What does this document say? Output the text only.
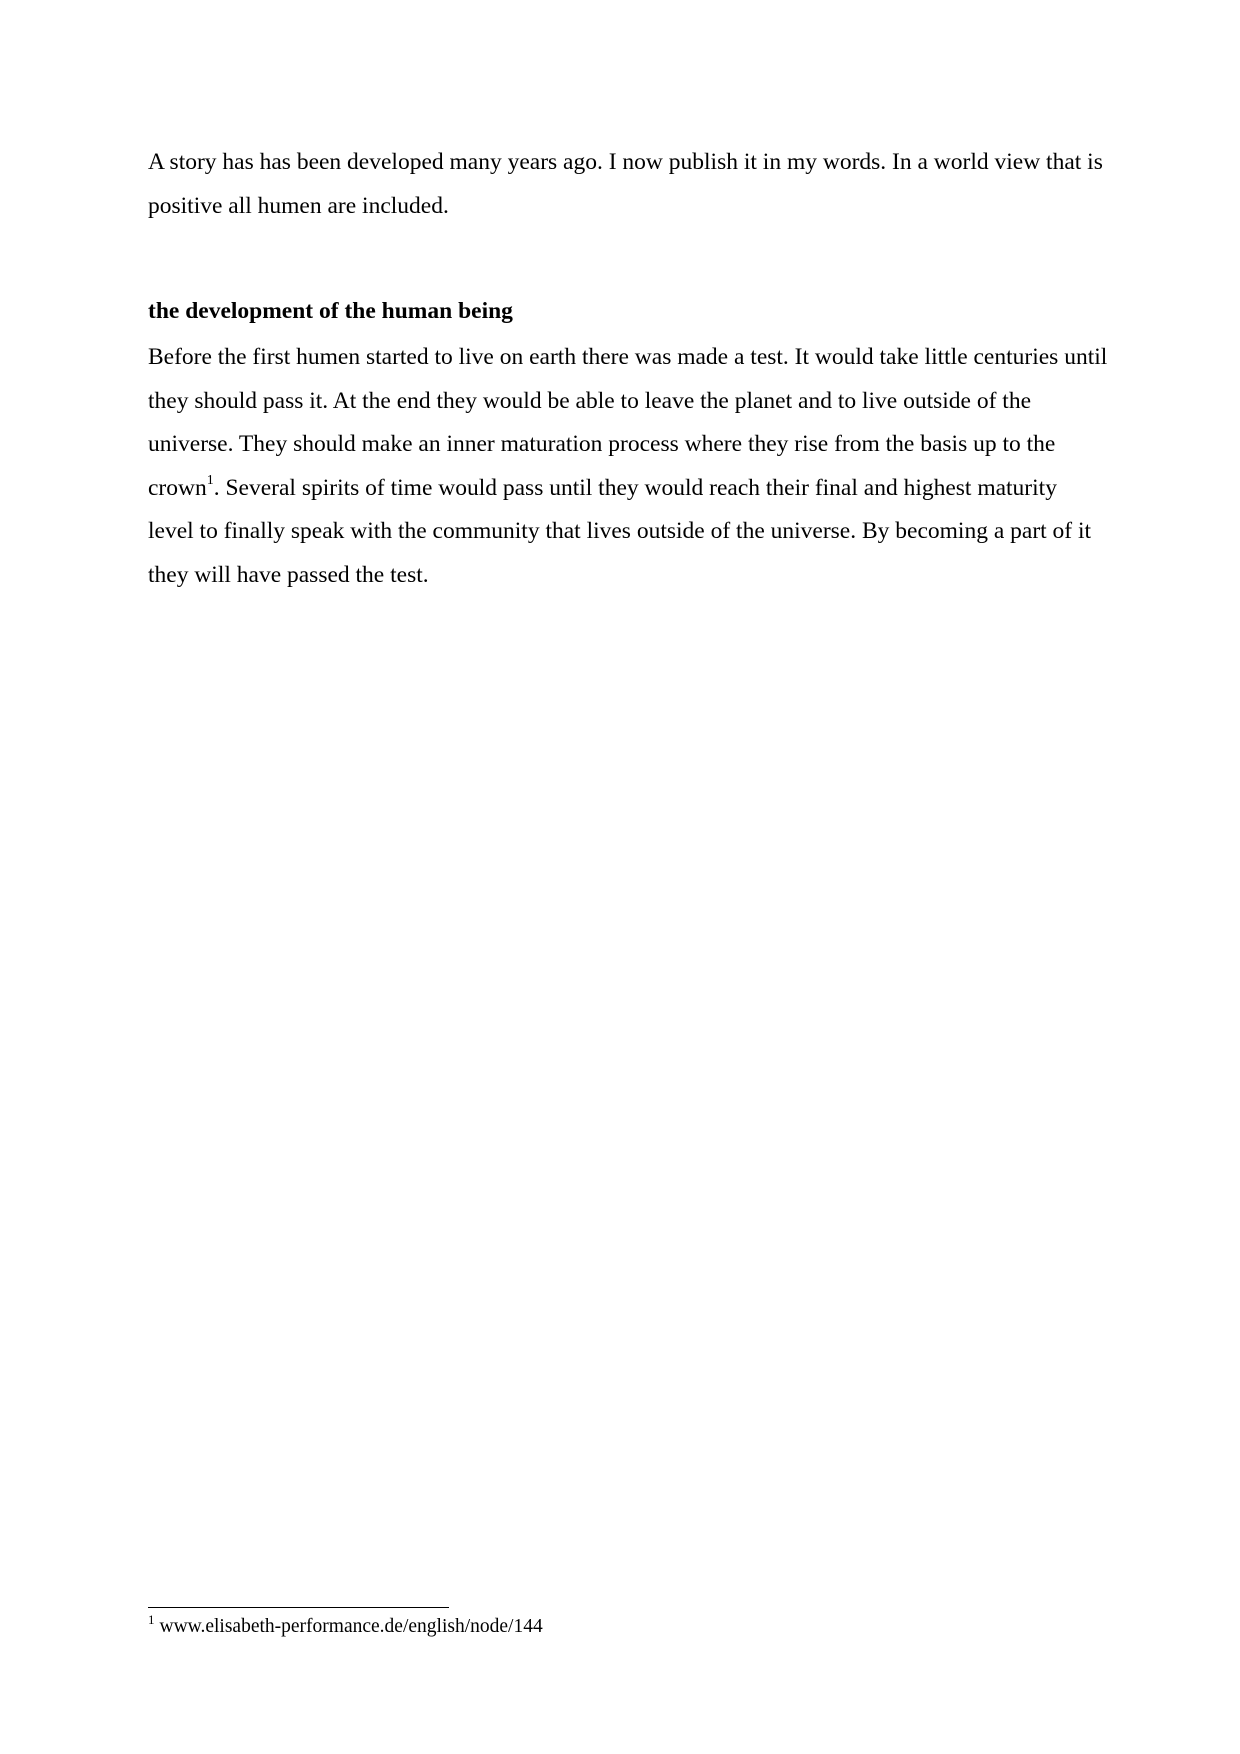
A story has has been developed many years ago. I now publish it in my words. In a world view that is positive all humen are included.

the development of the human being

Before the first humen started to live on earth there was made a test. It would take little centuries until they should pass it. At the end they would be able to leave the planet and to live outside of the universe. They should make an inner maturation process where they rise from the basis up to the crown$^1$. Several spirits of time would pass until they would reach their final and highest maturity level to finally speak with the community that lives outside of the universe. By becoming a part of it they will have passed the test.

$^1$ www.elisabeth-performance.de/english/node/144
